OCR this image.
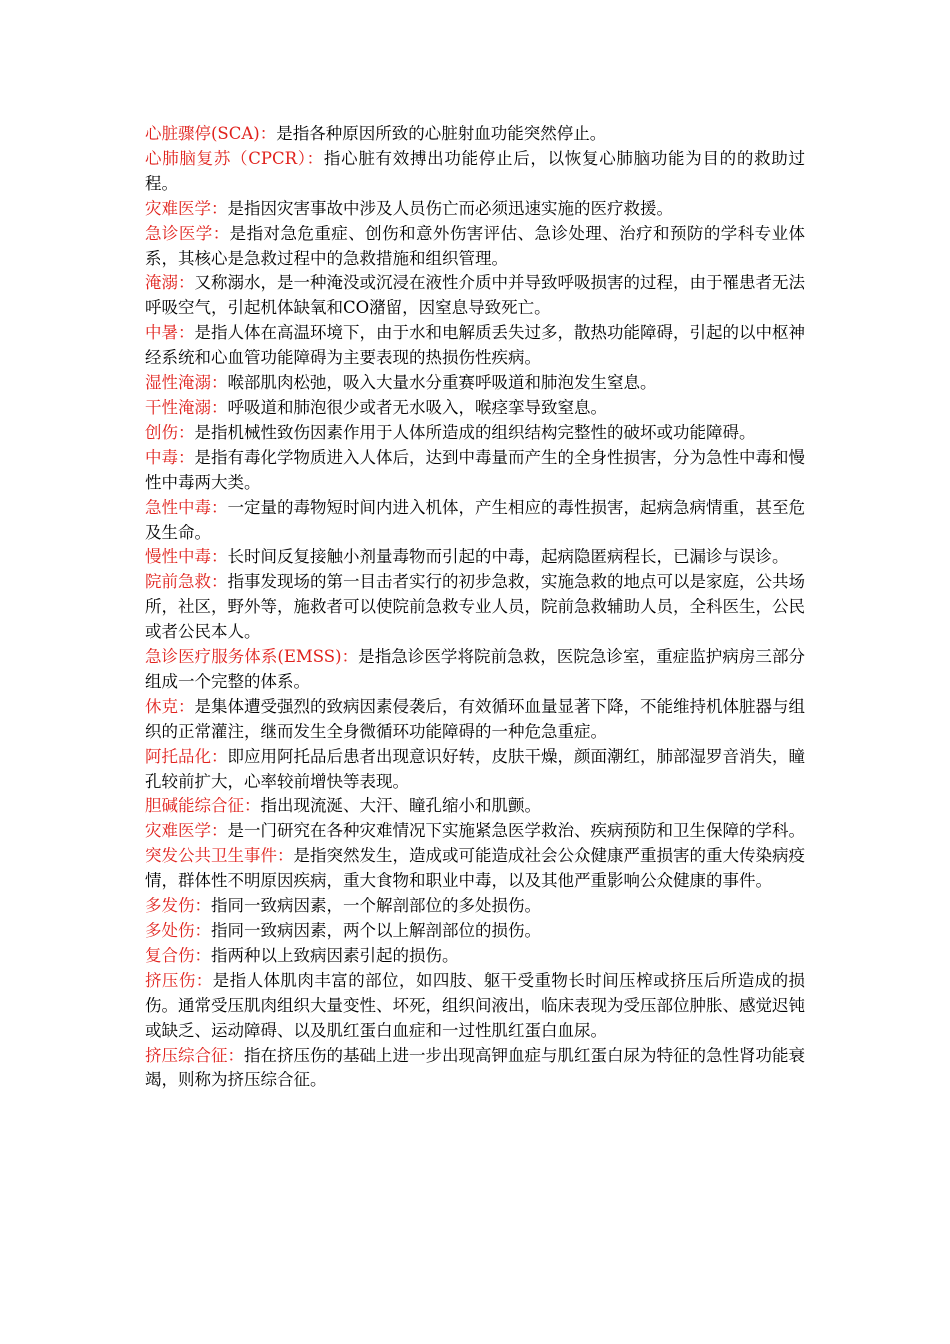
心脏骤停(SCA)：是指各种原因所致的心脏射血功能突然停止。

心肺脑复苏（CPCR）：指心脏有效搏出功能停止后，以恢复心肺脑功能为目的的救助过程。

灾难医学：是指因灾害事故中涉及人员伤亡而必须迅速实施的医疗救援。

急诊医学：是指对急危重症、创伤和意外伤害评估、急诊处理、治疗和预防的学科专业体系，其核心是急救过程中的急救措施和组织管理。

淹溺：又称溺水，是一种淹没或沉浸在液性介质中并导致呼吸损害的过程，由于罹患者无法呼吸空气，引起机体缺氧和CO潴留，因窒息导致死亡。

中暑：是指人体在高温环境下，由于水和电解质丢失过多，散热功能障碍，引起的以中枢神经系统和心血管功能障碍为主要表现的热损伤性疾病。

湿性淹溺：喉部肌肉松弛，吸入大量水分重赛呼吸道和肺泡发生窒息。

干性淹溺：呼吸道和肺泡很少或者无水吸入，喉痉挛导致窒息。

创伤：是指机械性致伤因素作用于人体所造成的组织结构完整性的破坏或功能障碍。

中毒：是指有毒化学物质进入人体后，达到中毒量而产生的全身性损害，分为急性中毒和慢性中毒两大类。

急性中毒：一定量的毒物短时间内进入机体，产生相应的毒性损害，起病急病情重，甚至危及生命。

慢性中毒：长时间反复接触小剂量毒物而引起的中毒，起病隐匿病程长，已漏诊与误诊。

院前急救：指事发现场的第一目击者实行的初步急救，实施急救的地点可以是家庭，公共场所，社区，野外等，施救者可以使院前急救专业人员，院前急救辅助人员，全科医生，公民或者公民本人。

急诊医疗服务体系(EMSS)：是指急诊医学将院前急救，医院急诊室，重症监护病房三部分组成一个完整的体系。

休克：是集体遭受强烈的致病因素侵袭后，有效循环血量显著下降，不能维持机体脏器与组织的正常灌注，继而发生全身微循环功能障碍的一种危急重症。

阿托品化：即应用阿托品后患者出现意识好转，皮肤干燥，颜面潮红，肺部湿罗音消失，瞳孔较前扩大，心率较前增快等表现。

胆碱能综合征：指出现流涎、大汗、瞳孔缩小和肌颤。

灾难医学：是一门研究在各种灾难情况下实施紧急医学救治、疾病预防和卫生保障的学科。

突发公共卫生事件：是指突然发生，造成或可能造成社会公众健康严重损害的重大传染病疫情，群体性不明原因疾病，重大食物和职业中毒，以及其他严重影响公众健康的事件。

多发伤：指同一致病因素，一个解剖部位的多处损伤。

多处伤：指同一致病因素，两个以上解剖部位的损伤。

复合伤：指两种以上致病因素引起的损伤。

挤压伤：是指人体肌肉丰富的部位，如四肢、躯干受重物长时间压榨或挤压后所造成的损伤。通常受压肌肉组织大量变性、坏死，组织间液出，临床表现为受压部位肿胀、感觉迟钝或缺乏、运动障碍、以及肌红蛋白血症和一过性肌红蛋白血尿。

挤压综合征：指在挤压伤的基础上进一步出现高钾血症与肌红蛋白尿为特征的急性肾功能衰竭，则称为挤压综合征。
